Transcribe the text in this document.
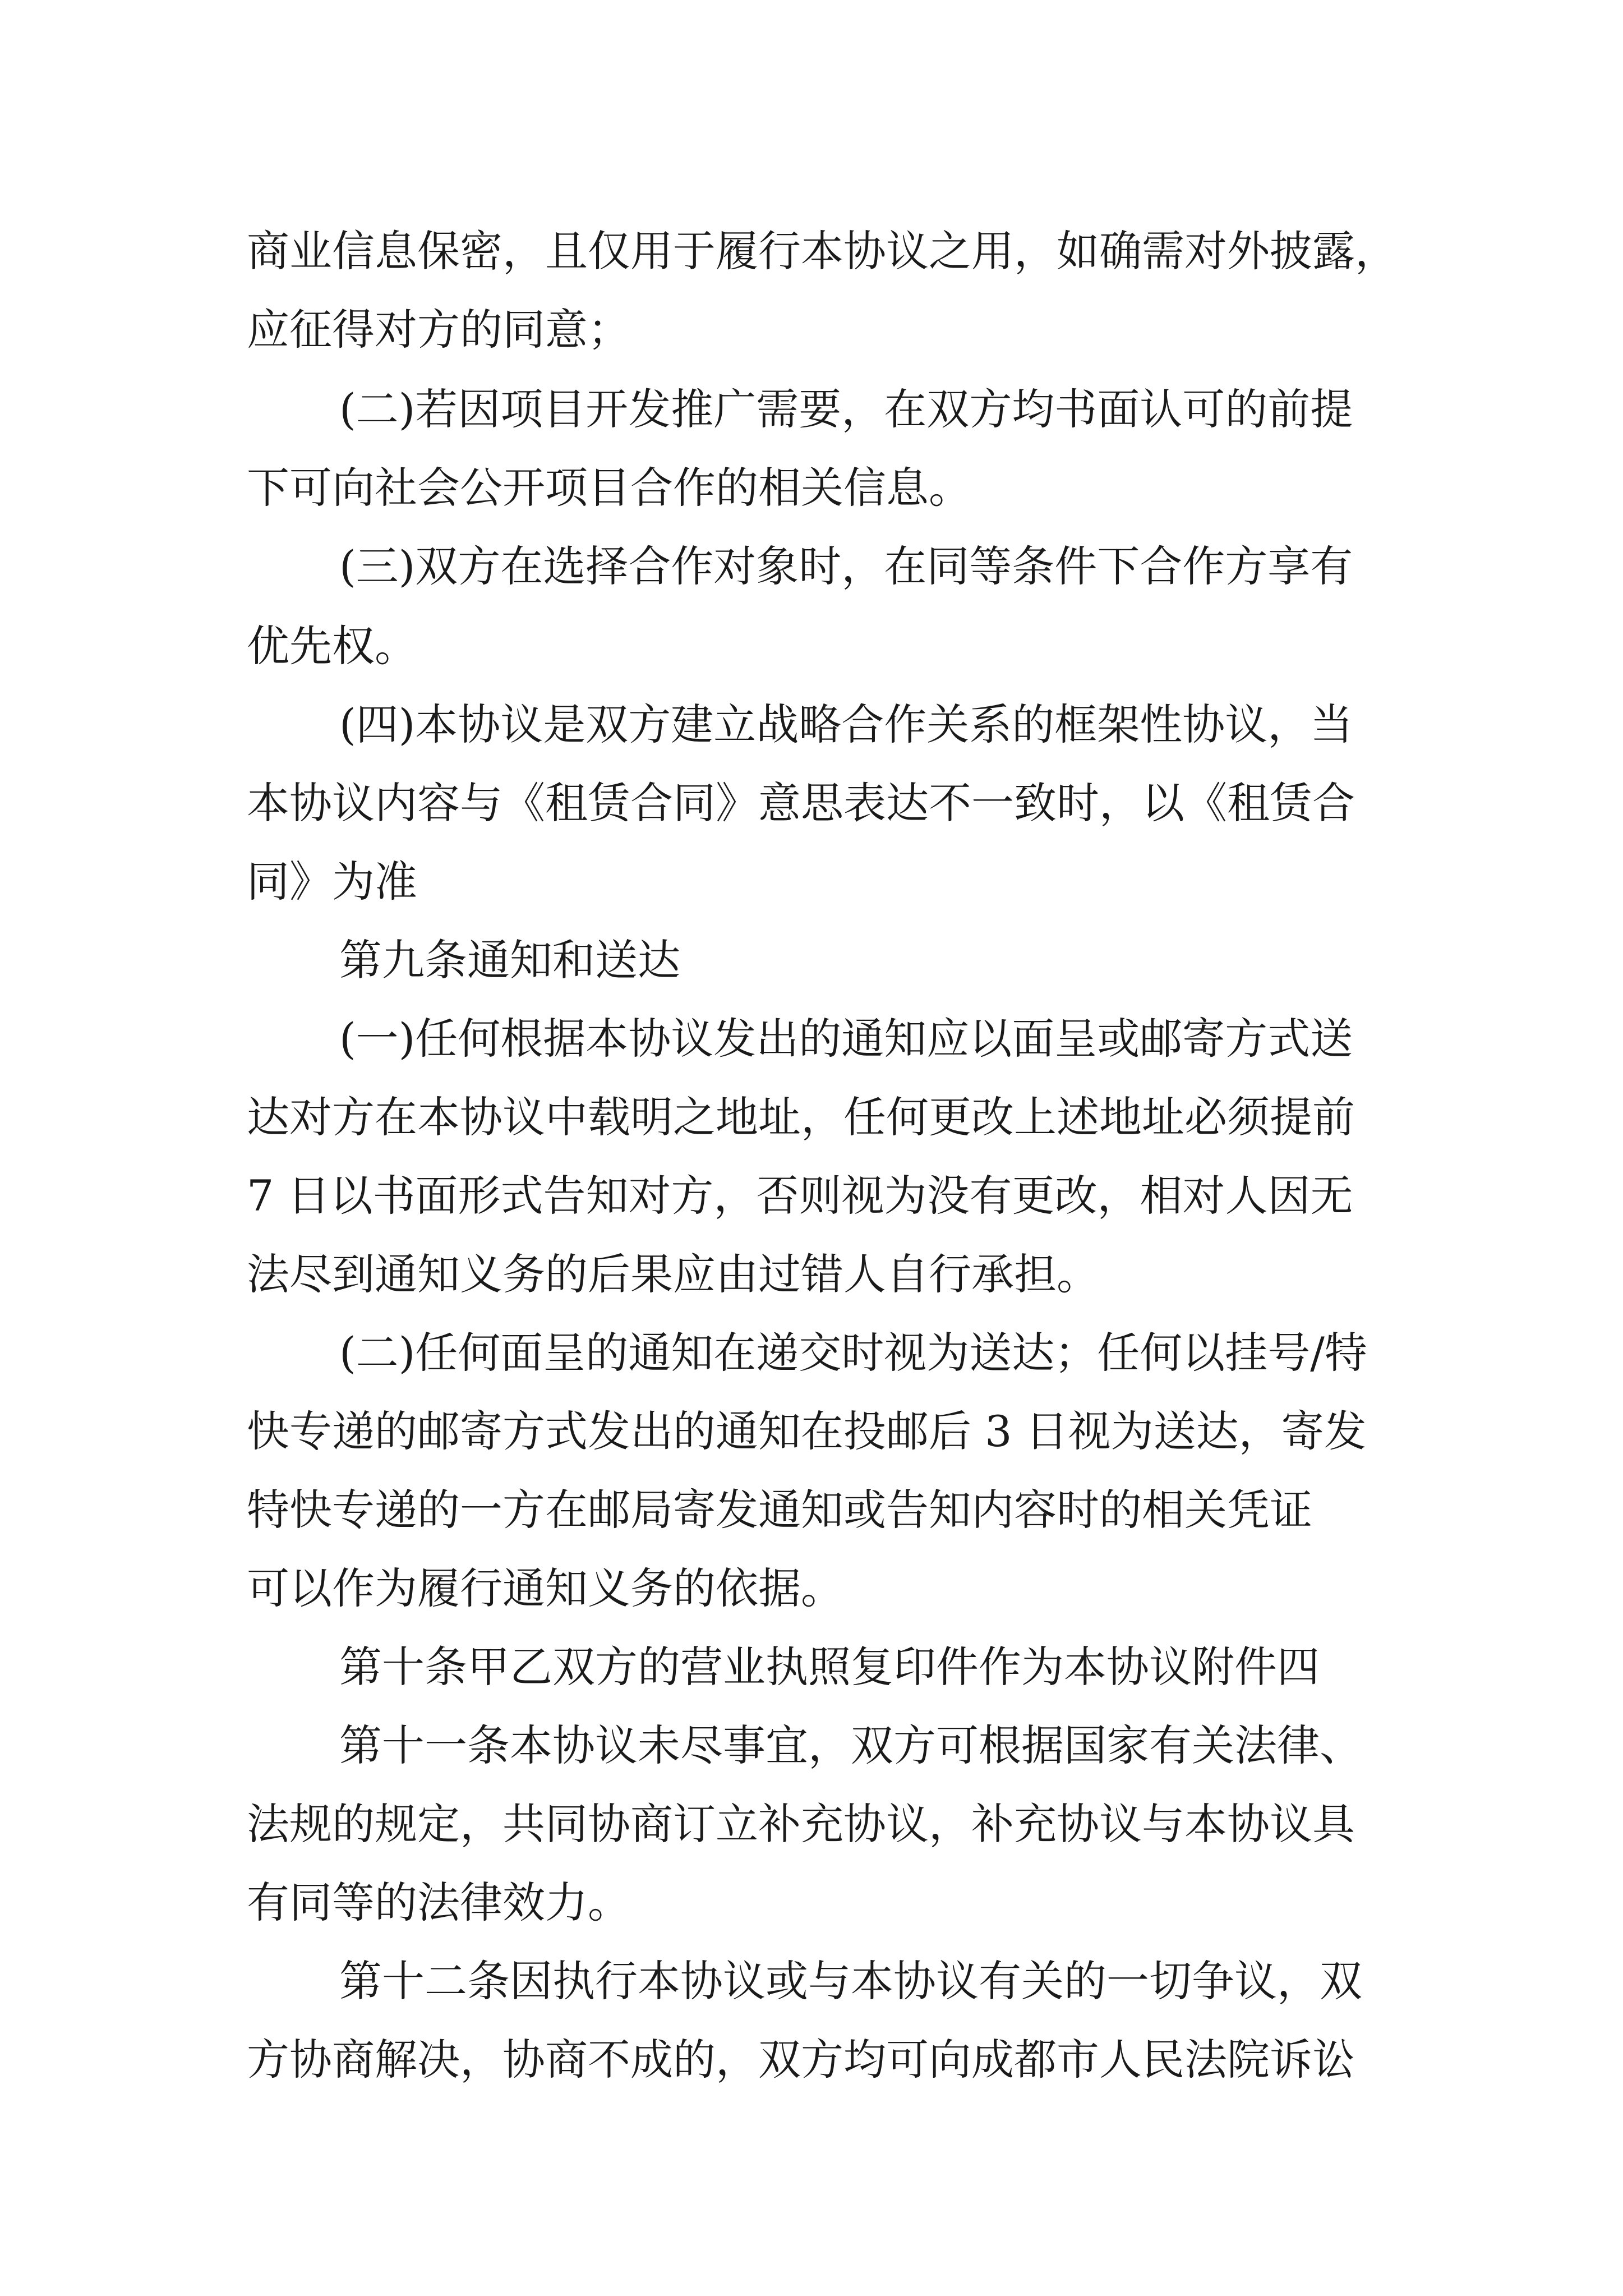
商业信息保密，且仅用于履行本协议之用，如确需对外披露，
应征得对方的同意；
(二)若因项目开发推广需要，在双方均书面认可的前提
下可向社会公开项目合作的相关信息。
(三)双方在选择合作对象时，在同等条件下合作方享有
优先权。
(四)本协议是双方建立战略合作关系的框架性协议，当
本协议内容与《租赁合同》意思表达不一致时，以《租赁合
同》为准
第九条通知和送达
(一)任何根据本协议发出的通知应以面呈或邮寄方式送
达对方在本协议中载明之地址，任何更改上述地址必须提前
7 日以书面形式告知对方，否则视为没有更改，相对人因无
法尽到通知义务的后果应由过错人自行承担。
(二)任何面呈的通知在递交时视为送达；任何以挂号/特
快专递的邮寄方式发出的通知在投邮后 3 日视为送达，寄发
特快专递的一方在邮局寄发通知或告知内容时的相关凭证
可以作为履行通知义务的依据。
第十条甲乙双方的营业执照复印件作为本协议附件四
第十一条本协议未尽事宜，双方可根据国家有关法律、
法规的规定，共同协商订立补充协议，补充协议与本协议具
有同等的法律效力。
第十二条因执行本协议或与本协议有关的一切争议，双
方协商解决，协商不成的，双方均可向成都市人民法院诉讼
